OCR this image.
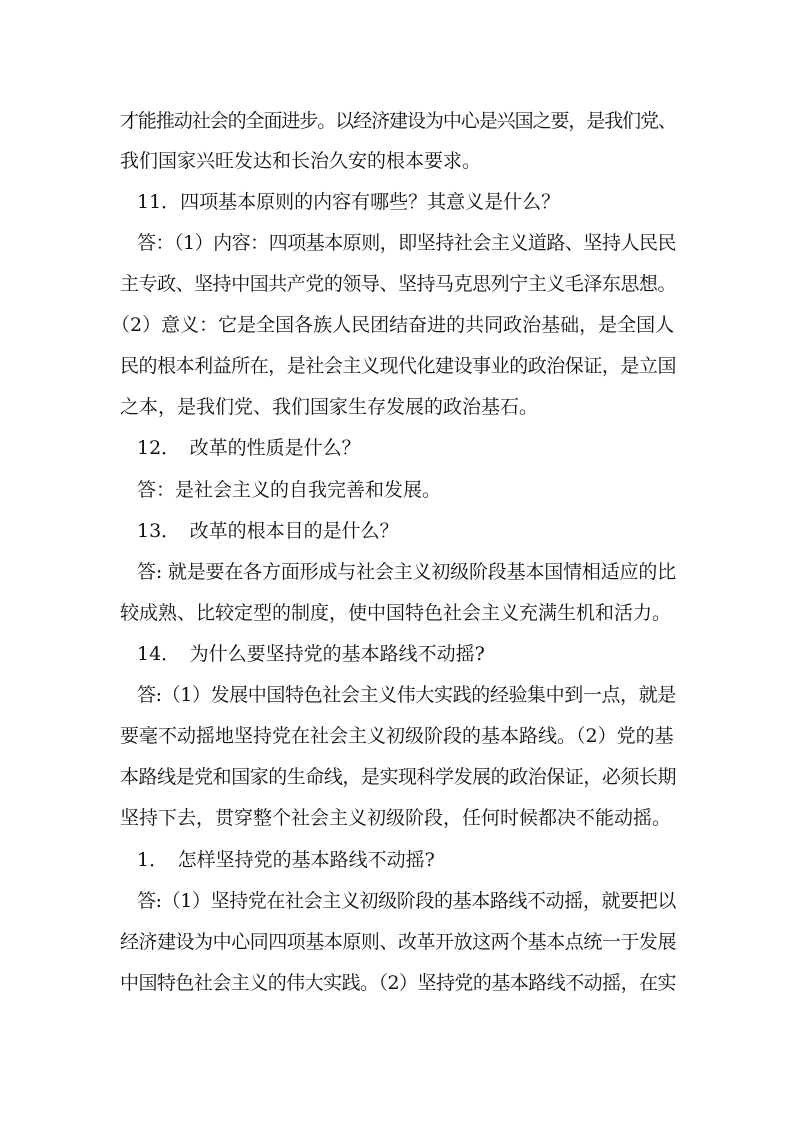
才能推动社会的全面进步。以经济建设为中心是兴国之要，是我们党、
我们国家兴旺发达和长治久安的根本要求。
11．四项基本原则的内容有哪些？其意义是什么？
答：（1）内容：四项基本原则，即坚持社会主义道路、坚持人民民
主专政、坚持中国共产党的领导、坚持马克思列宁主义毛泽东思想。
（2）意义：它是全国各族人民团结奋进的共同政治基础，是全国人
民的根本利益所在，是社会主义现代化建设事业的政治保证，是立国
之本，是我们党、我们国家生存发展的政治基石。
12．　改革的性质是什么？
答：是社会主义的自我完善和发展。
13．　改革的根本目的是什么？
答: 就是要在各方面形成与社会主义初级阶段基本国情相适应的比
较成熟、比较定型的制度，使中国特色社会主义充满生机和活力。
14．　为什么要坚持党的基本路线不动摇?
答:（1）发展中国特色社会主义伟大实践的经验集中到一点，就是
要毫不动摇地坚持党在社会主义初级阶段的基本路线。（2）党的基
本路线是党和国家的生命线，是实现科学发展的政治保证，必须长期
坚持下去，贯穿整个社会主义初级阶段，任何时候都决不能动摇。
1．　怎样坚持党的基本路线不动摇?
答:（1）坚持党在社会主义初级阶段的基本路线不动摇，就要把以
经济建设为中心同四项基本原则、改革开放这两个基本点统一于发展
中国特色社会主义的伟大实践。（2）坚持党的基本路线不动摇，在实
